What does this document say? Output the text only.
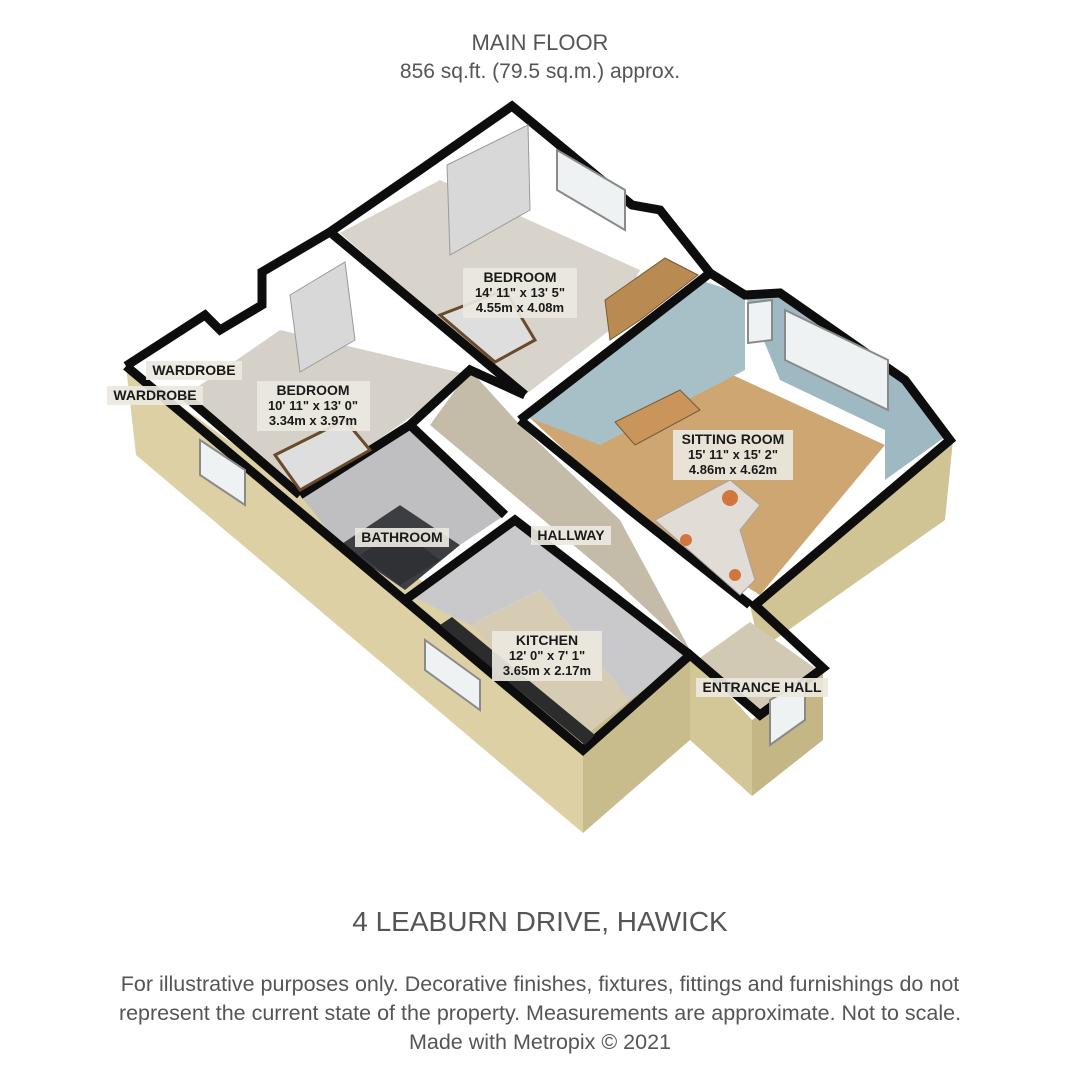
MAIN FLOOR
856 sq.ft. (79.5 sq.m.) approx.
BEDROOM
14' 11" x 13' 5"
4.55m x 4.08m
BEDROOM
10' 11" x 13' 0"
3.34m x 3.97m
SITTING ROOM
15' 11" x 15' 2"
4.86m x 4.62m
KITCHEN
12' 0" x 7' 1"
3.65m x 2.17m
BATHROOM	HALLWAY
ENTRANCE HALL
WARDROBE
WARDROBE
4 LEABURN DRIVE, HAWICK
For illustrative purposes only. Decorative finishes, fixtures, fittings and furnishings do not
represent the current state of the property. Measurements are approximate. Not to scale.
Made with Metropix © 2021
